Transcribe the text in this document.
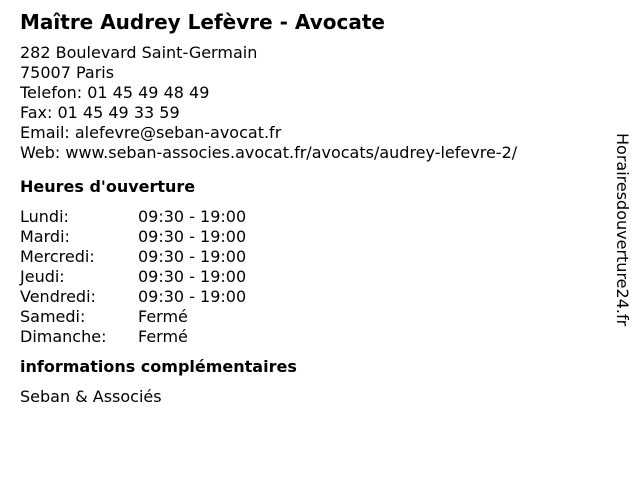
Maître Audrey Lefèvre - Avocate
282 Boulevard Saint-Germain
75007 Paris
Telefon: 01 45 49 48 49
Fax: 01 45 49 33 59
Email: alefevre@seban-avocat.fr
Web: www.seban-associes.avocat.fr/avocats/audrey-lefevre-2/
Heures d'ouverture
Lundi:	09:30 - 19:00
Mardi:	09:30 - 19:00
Mercredi:	09:30 - 19:00
Jeudi:	09:30 - 19:00
Vendredi:	09:30 - 19:00
Samedi:	Fermé
Dimanche: Fermé
informations complémentaires
Seban & Associés
Horairesdouverture24.fr
